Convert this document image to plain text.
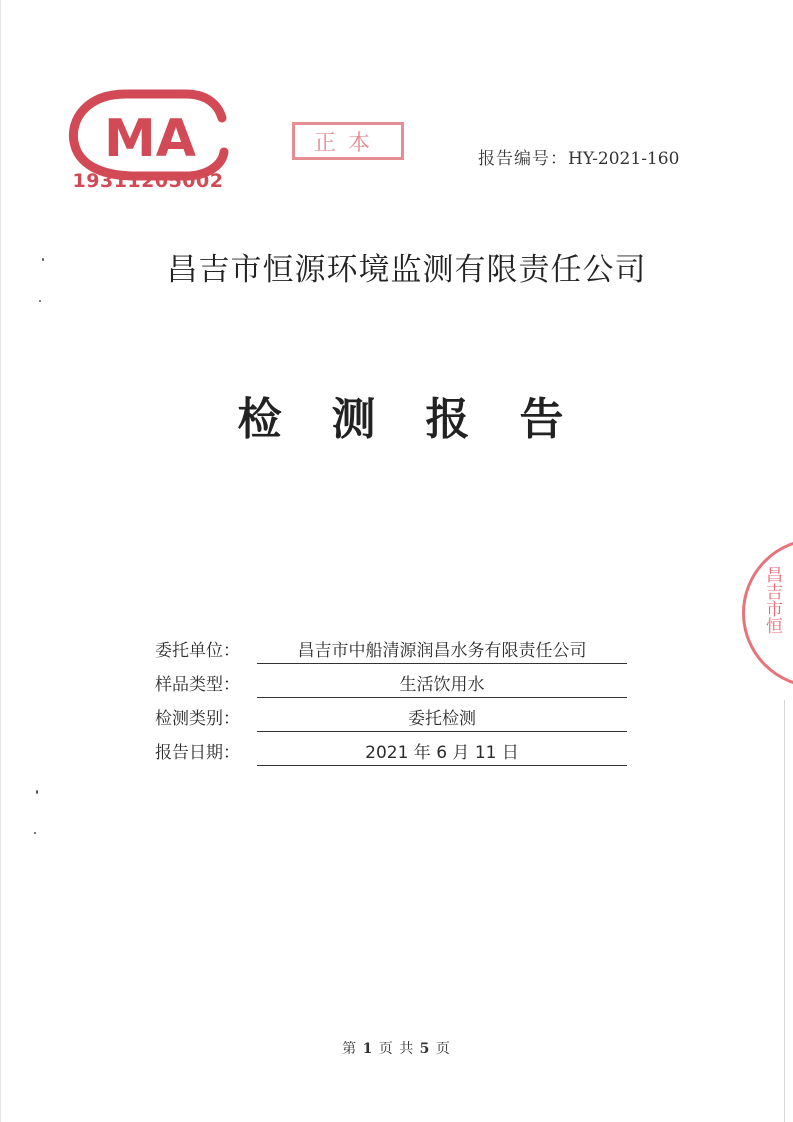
MA
19311205002
正本
报告编号：HY-2021-160
昌吉市恒源环境监测有限责任公司
检测报告
昌吉市恒
委托单位：	昌吉市中船清源润昌水务有限责任公司
样品类型：	生活饮用水
检测类别：	委托检测
报告日期：	2021 年 6 月 11 日
第 1 页 共 5 页
